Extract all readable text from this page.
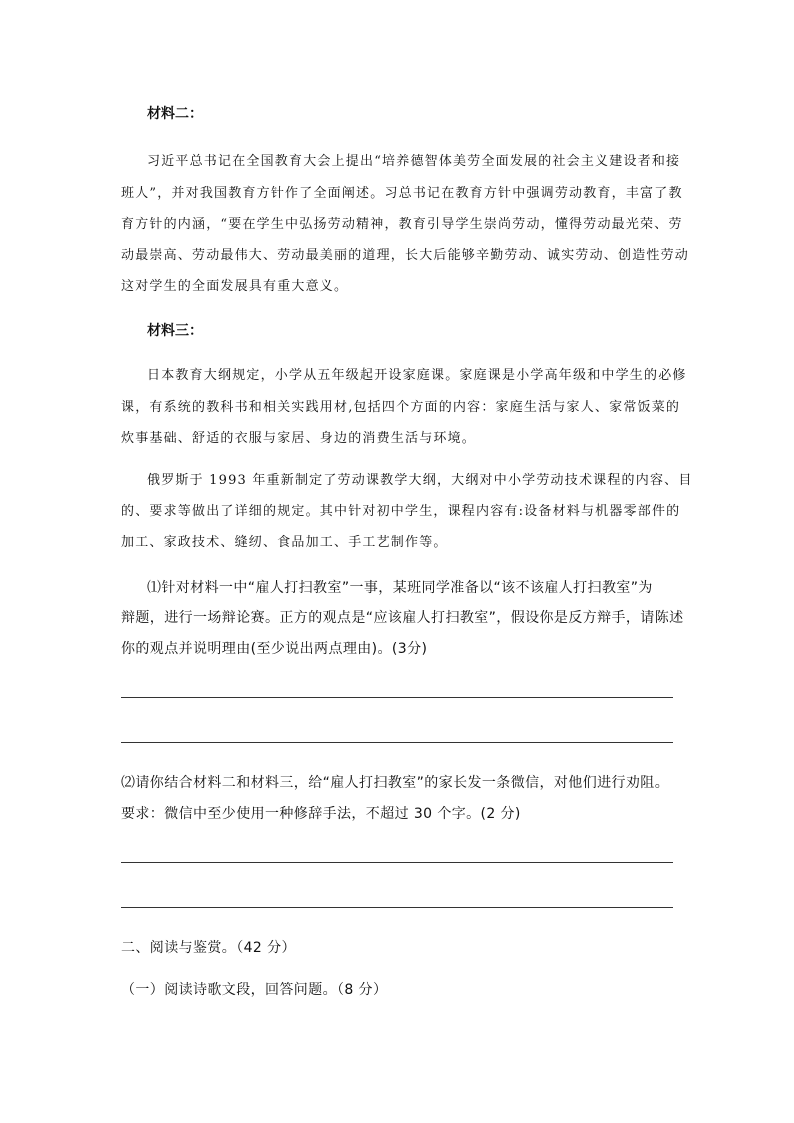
材料二：
习近平总书记在全国教育大会上提出“培养德智体美劳全面发展的社会主义建设者和接
班人”，并对我国教育方针作了全面阐述。习总书记在教育方针中强调劳动教育，丰富了教
育方针的内涵，“要在学生中弘扬劳动精神，教育引导学生崇尚劳动，懂得劳动最光荣、劳
动最崇高、劳动最伟大、劳动最美丽的道理，长大后能够辛勤劳动、诚实劳动、创造性劳动
这对学生的全面发展具有重大意义。
材料三：
日本教育大纲规定，小学从五年级起开设家庭课。家庭课是小学高年级和中学生的必修
课，有系统的教科书和相关实践用材,包括四个方面的内容：家庭生活与家人、家常饭菜的
炊事基础、舒适的衣服与家居、身边的消费生活与环境。
俄罗斯于 1993 年重新制定了劳动课教学大纲，大纲对中小学劳动技术课程的内容、目
的、要求等做出了详细的规定。其中针对初中学生，课程内容有:设备材料与机器零部件的
加工、家政技术、缝纫、食品加工、手工艺制作等。
⑴针对材料一中“雇人打扫教室”一事，某班同学准备以“该不该雇人打扫教室”为
辩题，进行一场辩论赛。正方的观点是“应该雇人打扫教室”，假设你是反方辩手，请陈述
你的观点并说明理由(至少说出两点理由)。(3分)
⑵请你结合材料二和材料三，给“雇人打扫教室”的家长发一条微信，对他们进行劝阻。
要求：微信中至少使用一种修辞手法，不超过 30 个字。(2 分)
二、阅读与鉴赏。（42 分）
（一）阅读诗歌文段，回答问题。（8 分）
